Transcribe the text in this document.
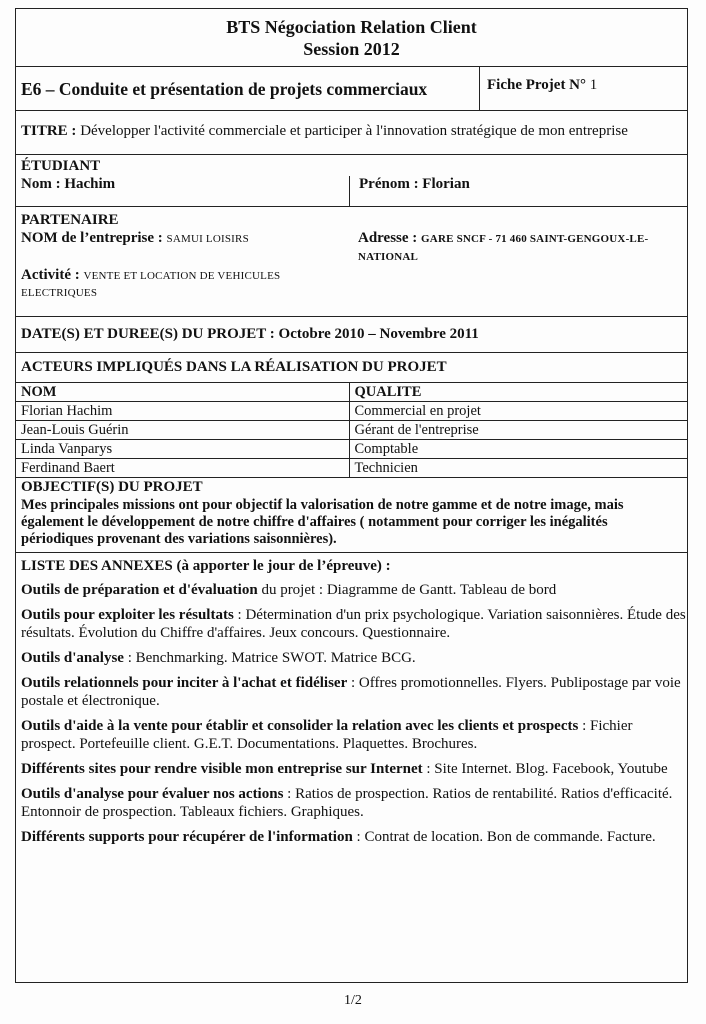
BTS Négociation Relation Client
Session 2012
E6 – Conduite et présentation de projets commerciaux	Fiche Projet N° 1
TITRE : Développer l'activité commerciale et participer à l'innovation stratégique de mon entreprise
ÉTUDIANT
Nom : Hachim	Prénom : Florian
PARTENAIRE
NOM de l’entreprise : SAMUI LOISIRS	Adresse : GARE SNCF - 71 460 SAINT-GENGOUX-LE-NATIONAL
Activité : VENTE ET LOCATION DE VEHICULES ELECTRIQUES
DATE(S) ET DUREE(S) DU PROJET : Octobre 2010 – Novembre 2011
ACTEURS IMPLIQUÉS DANS LA RÉALISATION DU PROJET
NOM	QUALITE
Florian Hachim	Commercial en projet
Jean-Louis Guérin	Gérant de l'entreprise
Linda Vanparys	Comptable
Ferdinand Baert	Technicien
OBJECTIF(S) DU PROJET
Mes principales missions ont pour objectif la valorisation de notre gamme et de notre image, mais également le développement de notre chiffre d'affaires ( notamment pour corriger les inégalités périodiques provenant des variations saisonnières).
LISTE DES ANNEXES (à apporter le jour de l’épreuve) :

Outils de préparation et d'évaluation du projet : Diagramme de Gantt. Tableau de bord

Outils pour exploiter les résultats : Détermination d'un prix psychologique. Variation saisonnières. Étude des résultats. Évolution du Chiffre d'affaires. Jeux concours. Questionnaire.

Outils d'analyse : Benchmarking. Matrice SWOT. Matrice BCG.

Outils relationnels pour inciter à l'achat et fidéliser : Offres promotionnelles. Flyers. Publipostage par voie postale et électronique.

Outils d'aide à la vente pour établir et consolider la relation avec les clients et prospects : Fichier prospect. Portefeuille client. G.E.T. Documentations. Plaquettes. Brochures.

Différents sites pour rendre visible mon entreprise sur Internet : Site Internet. Blog. Facebook, Youtube

Outils d'analyse pour évaluer nos actions : Ratios de prospection. Ratios de rentabilité. Ratios d'efficacité. Entonnoir de prospection. Tableaux fichiers. Graphiques.

Différents supports pour récupérer de l'information : Contrat de location. Bon de commande. Facture.

1/2
